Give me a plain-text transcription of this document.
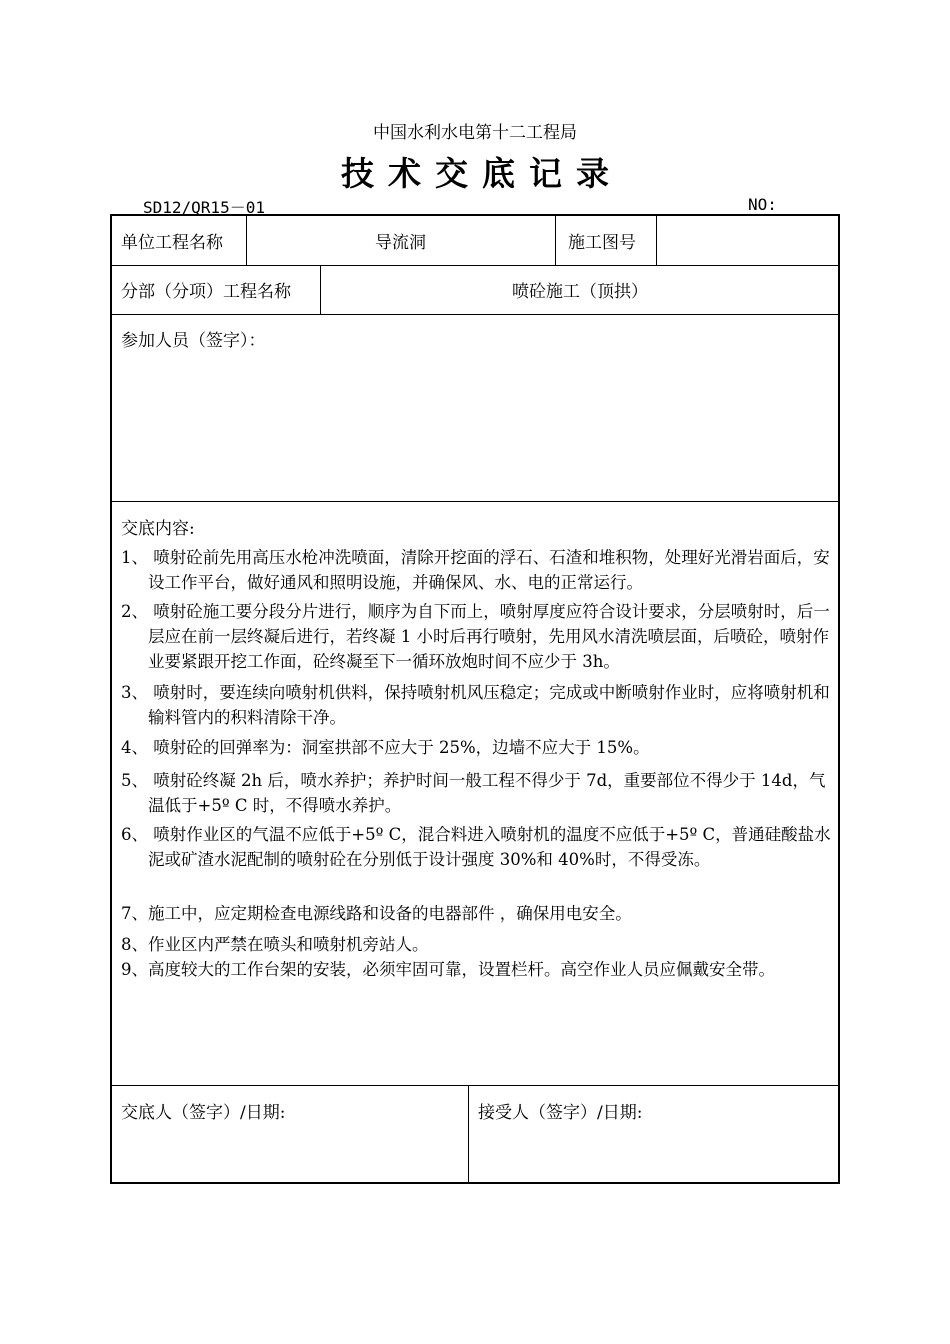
中国水利水电第十二工程局
技术交底记录
SD12/QR15－01	NO:
单位工程名称	导流洞	施工图号
分部（分项）工程名称	喷砼施工（顶拱）
参加人员（签字）：
交底内容:
1、 喷射砼前先用高压水枪冲洗喷面，清除开挖面的浮石、石渣和堆积物，处理好光滑岩面后，安设工作平台，做好通风和照明设施，并确保风、水、电的正常运行。
2、 喷射砼施工要分段分片进行，顺序为自下而上，喷射厚度应符合设计要求，分层喷射时，后一层应在前一层终凝后进行，若终凝 1 小时后再行喷射，先用风水清洗喷层面，后喷砼，喷射作业要紧跟开挖工作面，砼终凝至下一循环放炮时间不应少于 3h。
3、 喷射时，要连续向喷射机供料，保持喷射机风压稳定；完成或中断喷射作业时，应将喷射机和输料管内的积料清除干净。
4、 喷射砼的回弹率为：洞室拱部不应大于 25%，边墙不应大于 15%。
5、 喷射砼终凝 2h 后，喷水养护；养护时间一般工程不得少于 7d，重要部位不得少于 14d，气温低于+5º C 时，不得喷水养护。
6、 喷射作业区的气温不应低于+5º C，混合料进入喷射机的温度不应低于+5º C，普通硅酸盐水泥或矿渣水泥配制的喷射砼在分别低于设计强度 30%和 40%时，不得受冻。
7、施工中，应定期检查电源线路和设备的电器部件 ，确保用电安全。
8、作业区内严禁在喷头和喷射机旁站人。
9、高度较大的工作台架的安装，必须牢固可靠，设置栏杆。高空作业人员应佩戴安全带。
交底人（签字）/日期:	接受人（签字）/日期:
